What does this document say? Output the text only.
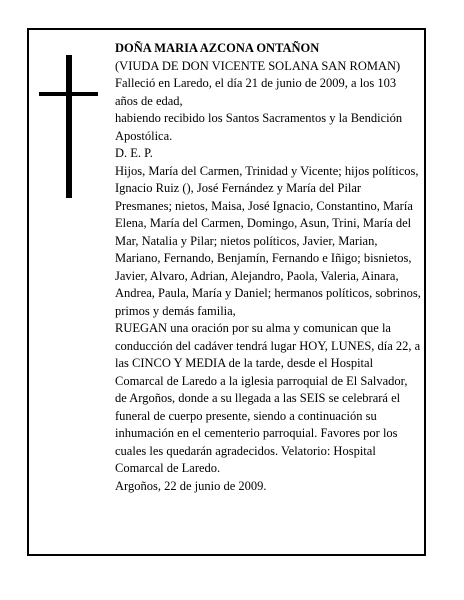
DOÑA MARIA AZCONA ONTAÑON
(VIUDA DE DON VICENTE SOLANA SAN ROMAN)
Falleció en Laredo, el día 21 de junio de 2009, a los 103 años de edad,
habiendo recibido los Santos Sacramentos y la Bendición Apostólica.
D. E. P.
Hijos, María del Carmen, Trinidad y Vicente; hijos políticos, Ignacio Ruiz (), José Fernández y María del Pilar Presmanes; nietos, Maisa, José Ignacio, Constantino, María Elena, María del Carmen, Domingo, Asun, Trini, María del Mar, Natalia y Pilar; nietos políticos, Javier, Marian, Mariano, Fernando, Benjamín, Fernando e Iñigo; bisnietos, Javier, Alvaro, Adrian, Alejandro, Paola, Valeria, Ainara, Andrea, Paula, María y Daniel; hermanos políticos, sobrinos, primos y demás familia,
RUEGAN una oración por su alma y comunican que la conducción del cadáver tendrá lugar HOY, LUNES, día 22, a las CINCO Y MEDIA de la tarde, desde el Hospital Comarcal de Laredo a la iglesia parroquial de El Salvador, de Argoños, donde a su llegada a las SEIS se celebrará el funeral de cuerpo presente, siendo a continuación su inhumación en el cementerio parroquial. Favores por los cuales les quedarán agradecidos. Velatorio: Hospital Comarcal de Laredo.
Argoños, 22 de junio de 2009.
